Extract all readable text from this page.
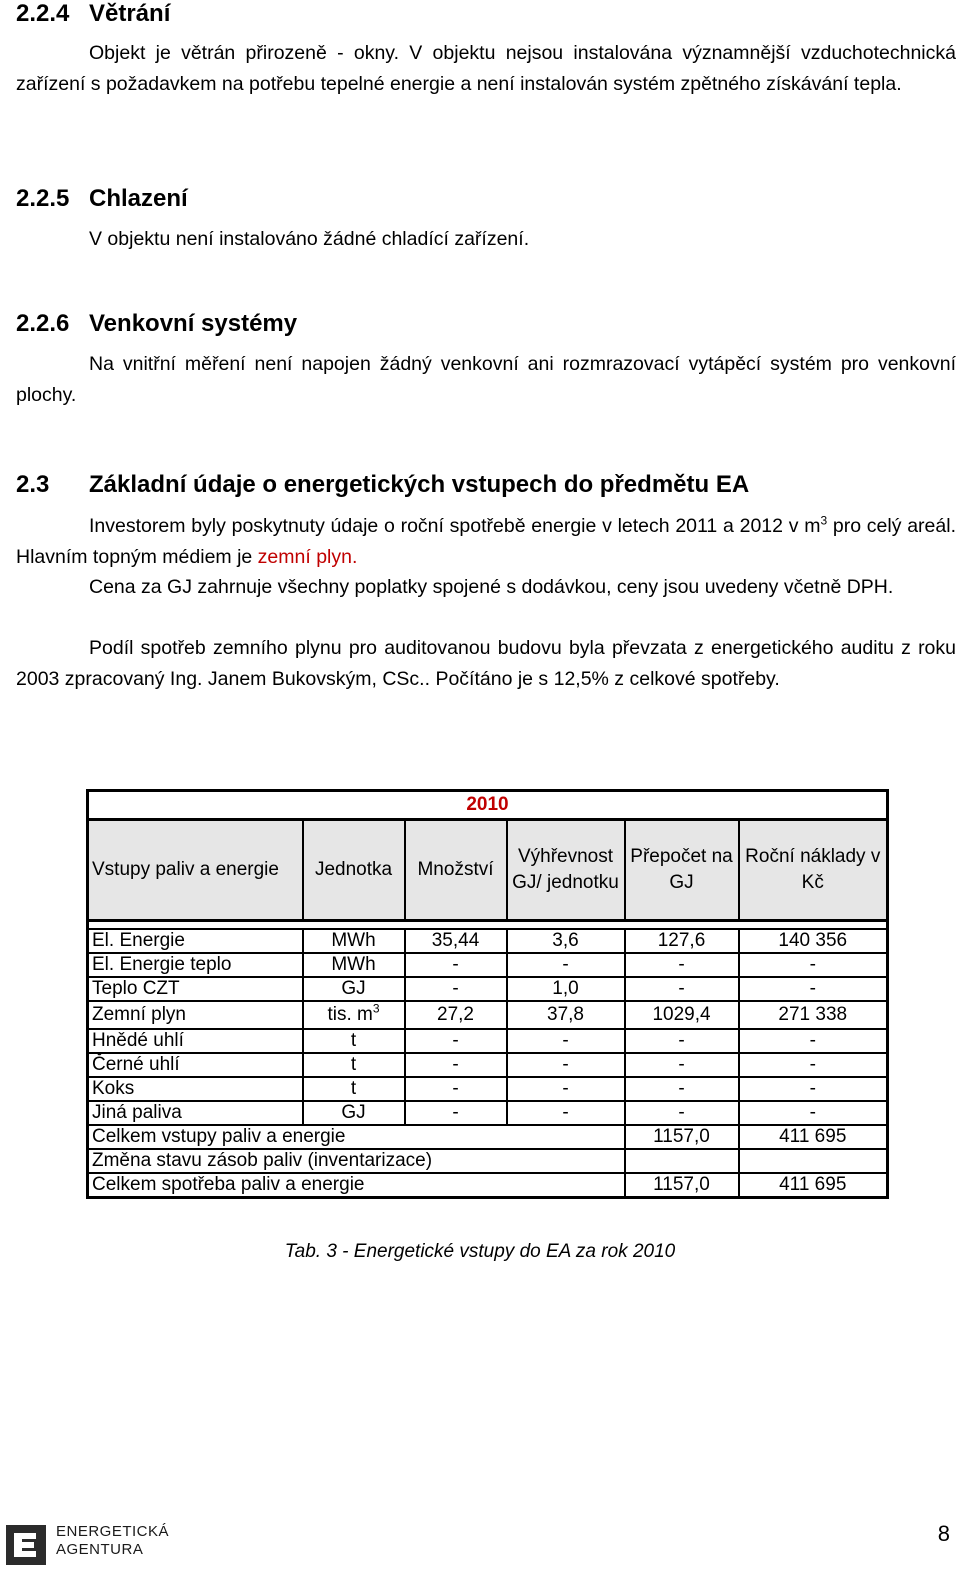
2.2.4 Větrání

Objekt je větrán přirozeně - okny. V objektu nejsou instalována významnější vzduchotechnická zařízení s požadavkem na potřebu tepelné energie a není instalován systém zpětného získávání tepla.

2.2.5 Chlazení

V objektu není instalováno žádné chladící zařízení.

2.2.6 Venkovní systémy

Na vnitřní měření není napojen žádný venkovní ani rozmrazovací vytápěcí systém pro venkovní plochy.

2.3 Základní údaje o energetických vstupech do předmětu EA

Investorem byly poskytnuty údaje o roční spotřebě energie v letech 2011 a 2012 v $m^3$ pro celý areál. Hlavním topným médiem je zemní plyn.

Cena za GJ zahrnuje všechny poplatky spojené s dodávkou, ceny jsou uvedeny včetně DPH.

Podíl spotřeb zemního plynu pro auditovanou budovu byla převzata z energetického auditu z roku 2003 zpracovaný Ing. Janem Bukovským, CSc.. Počítáno je s 12,5% z celkové spotřeby.

2010					
Vstupy paliv a energie	Jednotka	Množství	Výhřevnost GJ/ jednotku	Přepočet na GJ	Roční náklady v Kč

El. Energie	MWh	35,44	3,6	127,6	140 356
El. Energie teplo	MWh	-	-	-	-
Teplo CZT	GJ	-	1,0	-	-
Zemní plyn	tis. $m^3$	27,2	37,8	1029,4	271 338
Hnědé uhlí	t	-	-	-	-
Černé uhlí	t	-	-	-	-
Koks	t	-	-	-	-
Jiná paliva	GJ	-	-	-	-
Celkem vstupy paliv a energie				1157,0	411 695
Změna stavu zásob paliv (inventarizace)					
Celkem spotřeba paliv a energie				1157,0	411 695

Tab. 3 - Energetické vstupy do EA za rok 2010

ENERGETICKÁ
AGENTURA

8
